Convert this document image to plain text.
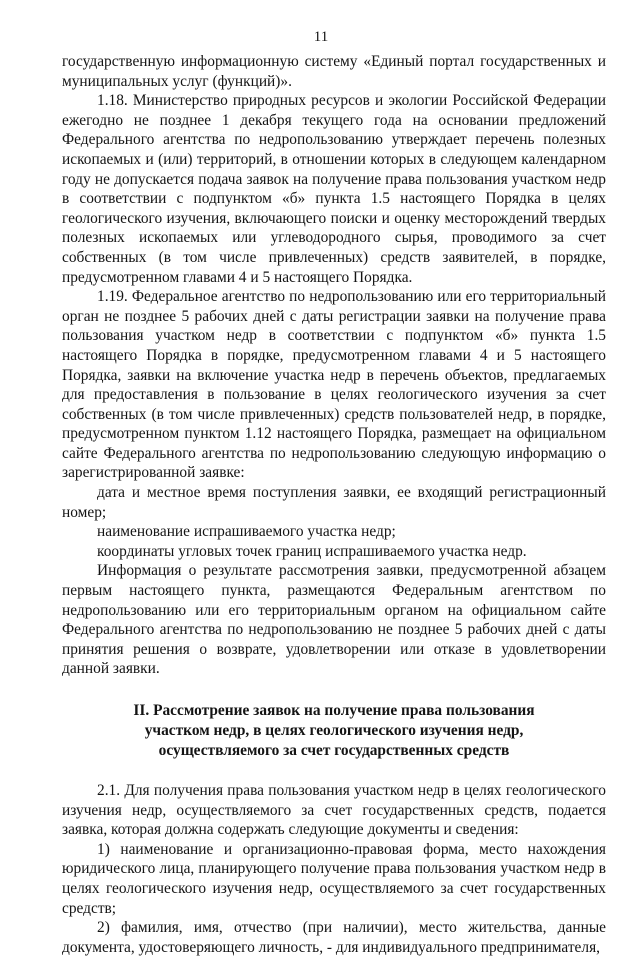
11

государственную информационную систему «Единый портал государственных и муниципальных услуг (функций)».

1.18. Министерство природных ресурсов и экологии Российской Федерации ежегодно не позднее 1 декабря текущего года на основании предложений Федерального агентства по недропользованию утверждает перечень полезных ископаемых и (или) территорий, в отношении которых в следующем календарном году не допускается подача заявок на получение права пользования участком недр в соответствии с подпунктом «б» пункта 1.5 настоящего Порядка в целях геологического изучения, включающего поиски и оценку месторождений твердых полезных ископаемых или углеводородного сырья, проводимого за счет собственных (в том числе привлеченных) средств заявителей, в порядке, предусмотренном главами 4 и 5 настоящего Порядка.

1.19. Федеральное агентство по недропользованию или его территориальный орган не позднее 5 рабочих дней с даты регистрации заявки на получение права пользования участком недр в соответствии с подпунктом «б» пункта 1.5 настоящего Порядка в порядке, предусмотренном главами 4 и 5 настоящего Порядка, заявки на включение участка недр в перечень объектов, предлагаемых для предоставления в пользование в целях геологического изучения за счет собственных (в том числе привлеченных) средств пользователей недр, в порядке, предусмотренном пунктом 1.12 настоящего Порядка, размещает на официальном сайте Федерального агентства по недропользованию следующую информацию о зарегистрированной заявке:

дата и местное время поступления заявки, ее входящий регистрационный номер;

наименование испрашиваемого участка недр;

координаты угловых точек границ испрашиваемого участка недр.

Информация о результате рассмотрения заявки, предусмотренной абзацем первым настоящего пункта, размещаются Федеральным агентством по недропользованию или его территориальным органом на официальном сайте Федерального агентства по недропользованию не позднее 5 рабочих дней с даты принятия решения о возврате, удовлетворении или отказе в удовлетворении данной заявки.

II. Рассмотрение заявок на получение права пользования
участком недр, в целях геологического изучения недр,
осуществляемого за счет государственных средств

2.1. Для получения права пользования участком недр в целях геологического изучения недр, осуществляемого за счет государственных средств, подается заявка, которая должна содержать следующие документы и сведения:

1) наименование и организационно-правовая форма, место нахождения юридического лица, планирующего получение права пользования участком недр в целях геологического изучения недр, осуществляемого за счет государственных средств;

2) фамилия, имя, отчество (при наличии), место жительства, данные документа, удостоверяющего личность, - для индивидуального предпринимателя,
